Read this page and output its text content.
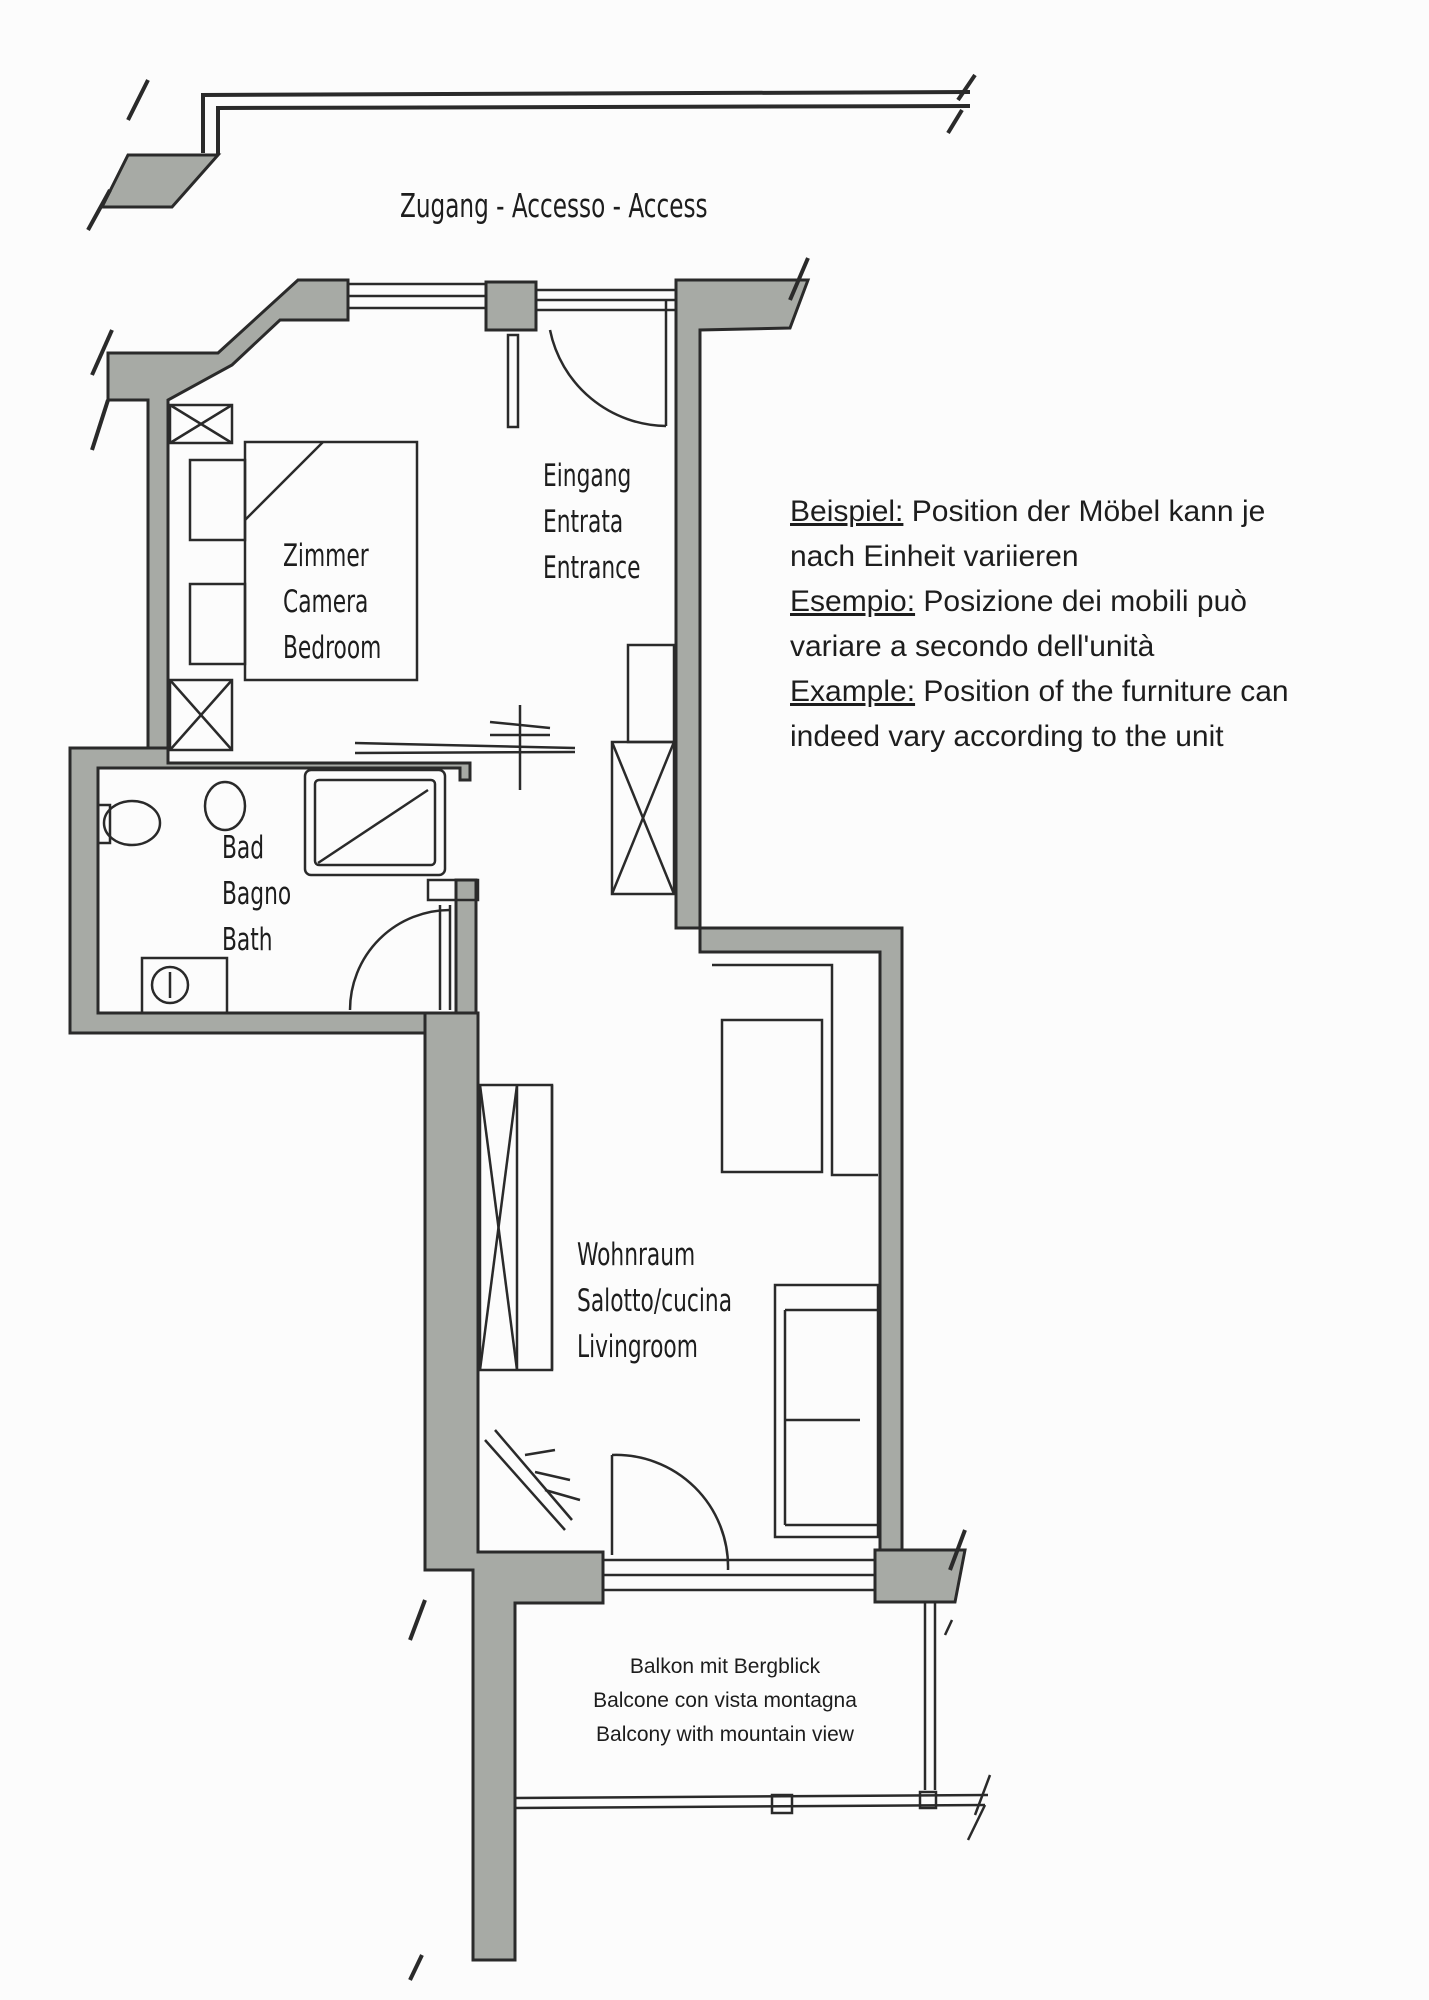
Zugang - Accesso - Access
Zimmer
Camera
Bedroom
Eingang
Entrata
Entrance
Bad
Bagno
Bath
Wohnraum
Salotto/cucina
Livingroom
Balkon mit Bergblick
Balcone con vista montagna
Balcony with mountain view
Beispiel: Position der Möbel kann je
nach Einheit variieren
Esempio: Posizione dei mobili può
variare a secondo dell'unità
Example: Position of the furniture can
indeed vary according to the unit
